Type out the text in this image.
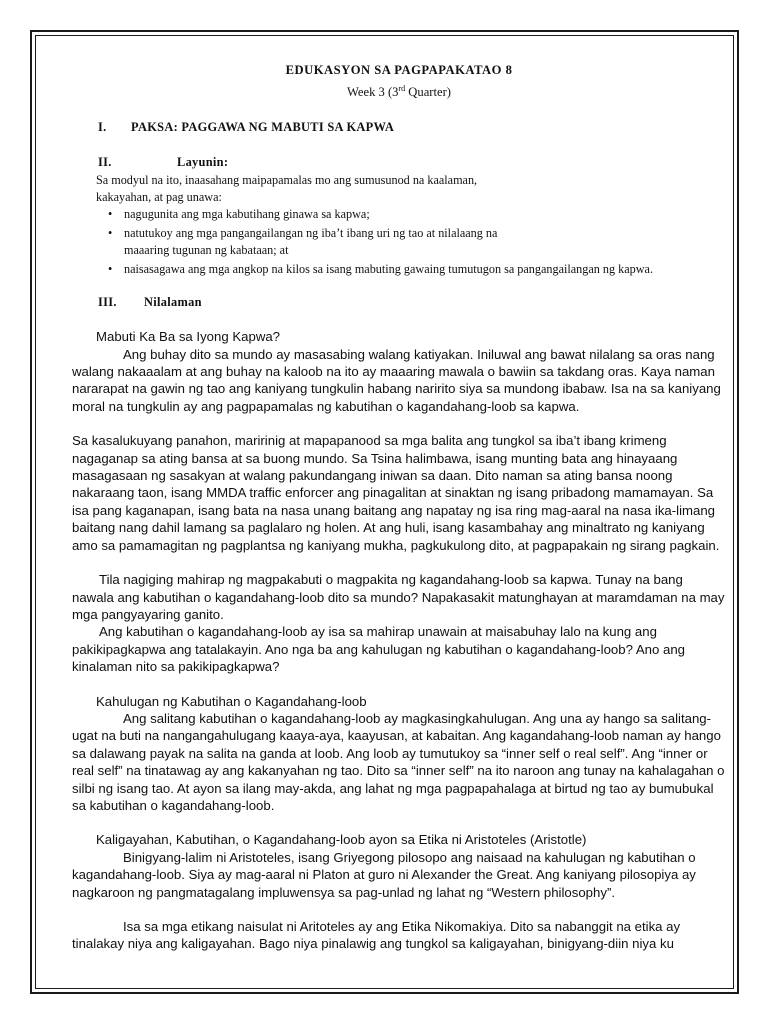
EDUKASYON SA PAGPAPAKATAO 8
Week 3 (3rd Quarter)
I.	PAKSA: PAGGAWA NG MABUTI SA KAPWA
II.	Layunin:

Sa modyul na ito, inaasahang maipapamalas mo ang sumusunod na kaalaman,

kakayahan, at pag unawa:

• nagugunita ang mga kabutihang ginawa sa kapwa;
• natutukoy ang mga pangangailangan ng iba’t ibang uri ng tao at nilalaang na maaaring tugunan ng kabataan; at
• naisasagawa ang mga angkop na kilos sa isang mabuting gawaing tumutugon sa pangangailangan ng kapwa.
III.	Nilalaman

Mabuti Ka Ba sa Iyong Kapwa?

Ang buhay dito sa mundo ay masasabing walang katiyakan. Iniluwal ang bawat nilalang sa oras nang walang nakaaalam at ang buhay na kaloob na ito ay maaaring mawala o bawiin sa takdang oras. Kaya naman nararapat na gawin ng tao ang kaniyang tungkulin habang naririto siya sa mundong ibabaw. Isa na sa kaniyang moral na tungkulin ay ang pagpapamalas ng kabutihan o kagandahang-loob sa kapwa.

Sa kasalukuyang panahon, maririnig at mapapanood sa mga balita ang tungkol sa iba’t ibang krimeng nagaganap sa ating bansa at sa buong mundo. Sa Tsina halimbawa, isang munting bata ang hinayaang masagasaan ng sasakyan at walang pakundangang iniwan sa daan. Dito naman sa ating bansa noong nakaraang taon, isang MMDA traffic enforcer ang pinagalitan at sinaktan ng isang pribadong mamamayan. Sa isa pang kaganapan, isang bata na nasa unang baitang ang napatay ng isa ring mag-aaral na nasa ika-limang baitang nang dahil lamang sa paglalaro ng holen. At ang huli, isang kasambahay ang minaltrato ng kaniyang amo sa pamamagitan ng pagplantsa ng kaniyang mukha, pagkukulong dito, at pagpapakain ng sirang pagkain.

Tila nagiging mahirap ng magpakabuti o magpakita ng kagandahang-loob sa kapwa. Tunay na bang nawala ang kabutihan o kagandahang-loob dito sa mundo? Napakasakit matunghayan at maramdaman na may mga pangyayaring ganito.

Ang kabutihan o kagandahang-loob ay isa sa mahirap unawain at maisabuhay lalo na kung ang pakikipagkapwa ang tatalakayin. Ano nga ba ang kahulugan ng kabutihan o kagandahang-loob? Ano ang kinalaman nito sa pakikipagkapwa?

Kahulugan ng Kabutihan o Kagandahang-loob

Ang salitang kabutihan o kagandahang-loob ay magkasingkahulugan. Ang una ay hango sa salitang-ugat na buti na nangangahulugang kaaya-aya, kaayusan, at kabaitan. Ang kagandahang-loob naman ay hango sa dalawang payak na salita na ganda at loob. Ang loob ay tumutukoy sa “inner self o real self”. Ang “inner or real self” na tinatawag ay ang kakanyahan ng tao. Dito sa “inner self” na ito naroon ang tunay na kahalagahan o silbi ng isang tao. At ayon sa ilang may-akda, ang lahat ng mga pagpapahalaga at birtud ng tao ay bumubukal sa kabutihan o kagandahang-loob.

Kaligayahan, Kabutihan, o Kagandahang-loob ayon sa Etika ni Aristoteles (Aristotle)

Binigyang-lalim ni Aristoteles, isang Griyegong pilosopo ang naisaad na kahulugan ng kabutihan o kagandahang-loob. Siya ay mag-aaral ni Platon at guro ni Alexander the Great. Ang kaniyang pilosopiya ay nagkaroon ng pangmatagalang impluwensya sa pag-unlad ng lahat ng “Western philosophy”.

Isa sa mga etikang naisulat ni Aritoteles ay ang Etika Nikomakiya. Dito sa nabanggit na etika ay tinalakay niya ang kaligayahan. Bago niya pinalawig ang tungkol sa kaligayahan, binigyang-diin niya ku
